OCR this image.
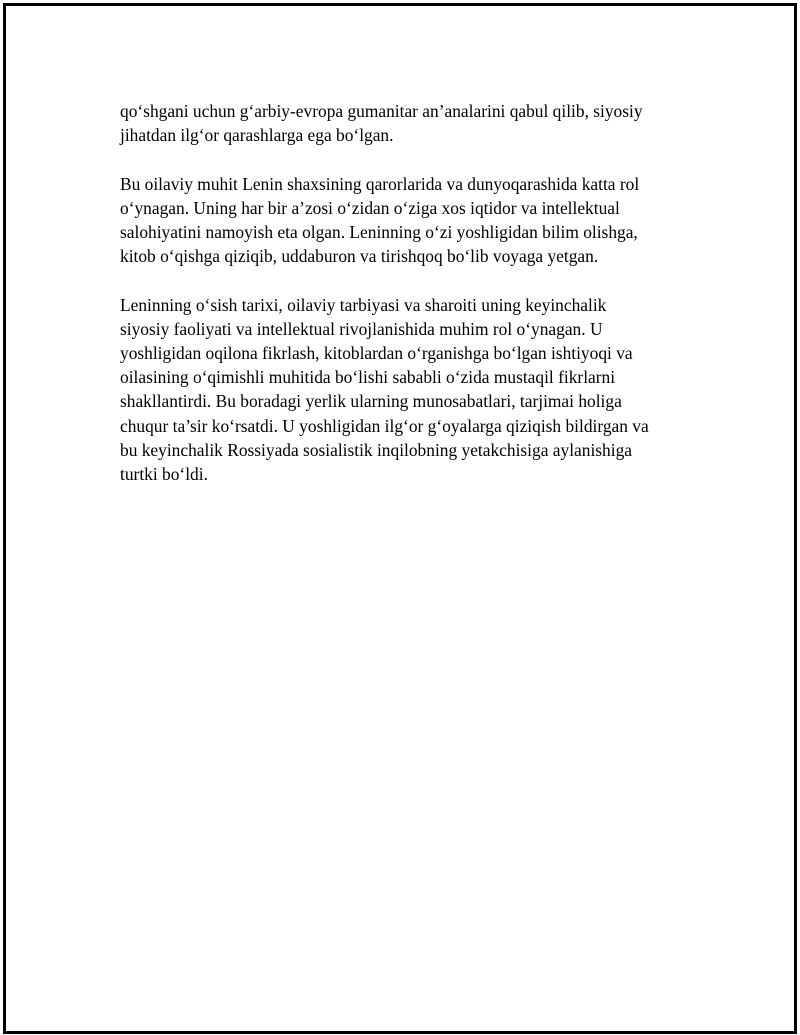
qo‘shgani uchun g‘arbiy-evropa gumanitar an’analarini qabul qilib, siyosiy
jihatdan ilg‘or qarashlarga ega bo‘lgan.

Bu oilaviy muhit Lenin shaxsining qarorlarida va dunyoqarashida katta rol
o‘ynagan. Uning har bir a’zosi o‘zidan o‘ziga xos iqtidor va intellektual
salohiyatini namoyish eta olgan. Leninning o‘zi yoshligidan bilim olishga,
kitob o‘qishga qiziqib, uddaburon va tirishqoq bo‘lib voyaga yetgan.

Leninning o‘sish tarixi, oilaviy tarbiyasi va sharoiti uning keyinchalik
siyosiy faoliyati va intellektual rivojlanishida muhim rol o‘ynagan. U
yoshligidan oqilona fikrlash, kitoblardan o‘rganishga bo‘lgan ishtiyoqi va
oilasining o‘qimishli muhitida bo‘lishi sababli o‘zida mustaqil fikrlarni
shakllantirdi. Bu boradagi yerlik ularning munosabatlari, tarjimai holiga
chuqur ta’sir ko‘rsatdi. U yoshligidan ilg‘or g‘oyalarga qiziqish bildirgan va
bu keyinchalik Rossiyada sosialistik inqilobning yetakchisiga aylanishiga
turtki bo‘ldi.
